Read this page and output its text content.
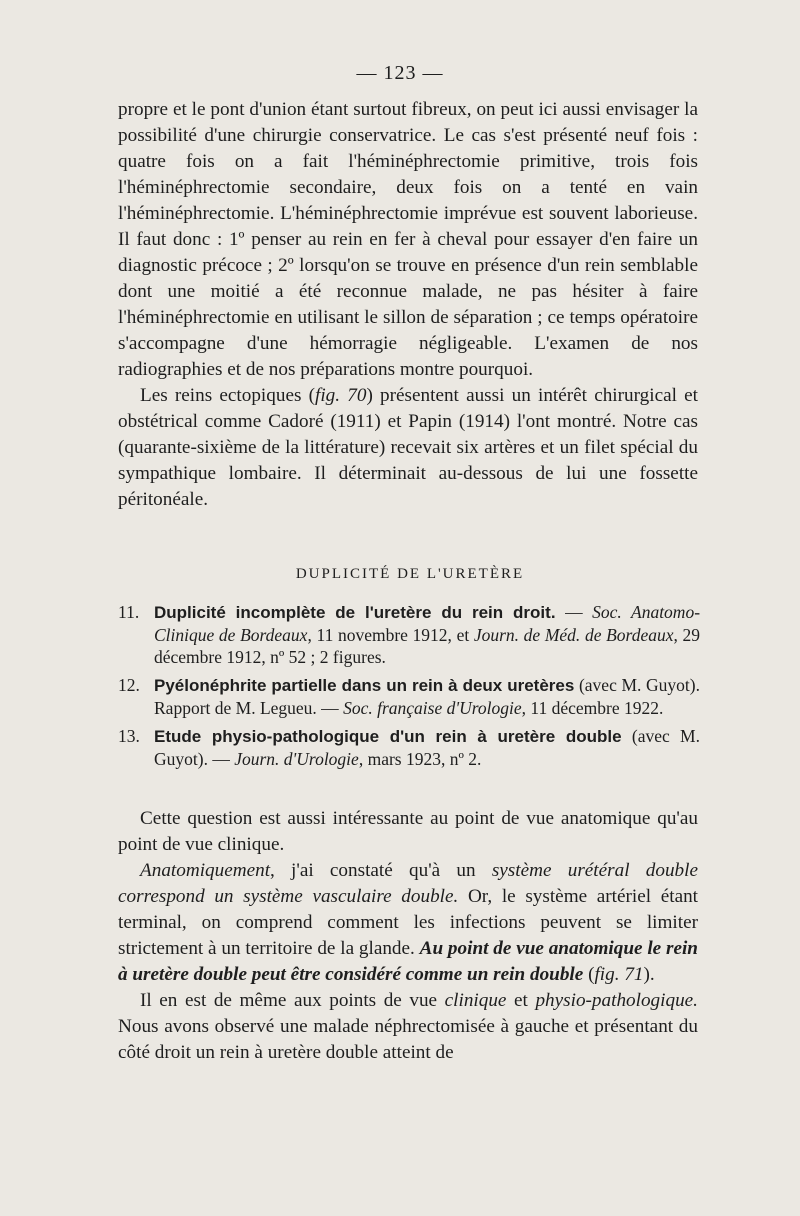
— 123 —

propre et le pont d'union étant surtout fibreux, on peut ici aussi envisager la possibilité d'une chirurgie conservatrice. Le cas s'est présenté neuf fois : quatre fois on a fait l'héminéphrectomie primitive, trois fois l'héminéphrectomie secondaire, deux fois on a tenté en vain l'héminéphrectomie. L'héminéphrectomie imprévue est souvent laborieuse. Il faut donc : 1º penser au rein en fer à cheval pour essayer d'en faire un diagnostic précoce ; 2º lorsqu'on se trouve en présence d'un rein semblable dont une moitié a été reconnue malade, ne pas hésiter à faire l'héminéphrectomie en utilisant le sillon de séparation ; ce temps opératoire s'accompagne d'une hémorragie négligeable. L'examen de nos radiographies et de nos préparations montre pourquoi.

Les reins ectopiques (fig. 70) présentent aussi un intérêt chirurgical et obstétrical comme Cadoré (1911) et Papin (1914) l'ont montré. Notre cas (quarante-sixième de la littérature) recevait six artères et un filet spécial du sympathique lombaire. Il déterminait au-dessous de lui une fossette péritonéale.

DUPLICITÉ DE L'URETÈRE
11. Duplicité incomplète de l'uretère du rein droit. — Soc. Anatomo-Clinique de Bordeaux, 11 novembre 1912, et Journ. de Méd. de Bordeaux, 29 décembre 1912, nº 52 ; 2 figures.
12. Pyélonéphrite partielle dans un rein à deux uretères (avec M. Guyot). Rapport de M. Legueu. — Soc. française d'Urologie, 11 décembre 1922.
13. Etude physio-pathologique d'un rein à uretère double (avec M. Guyot). — Journ. d'Urologie, mars 1923, nº 2.

Cette question est aussi intéressante au point de vue anatomique qu'au point de vue clinique.

Anatomiquement, j'ai constaté qu'à un système urétéral double correspond un système vasculaire double. Or, le système artériel étant terminal, on comprend comment les infections peuvent se limiter strictement à un territoire de la glande. Au point de vue anatomique le rein à uretère double peut être considéré comme un rein double (fig. 71).

Il en est de même aux points de vue clinique et physio-pathologique. Nous avons observé une malade néphrectomisée à gauche et présentant du côté droit un rein à uretère double atteint de
